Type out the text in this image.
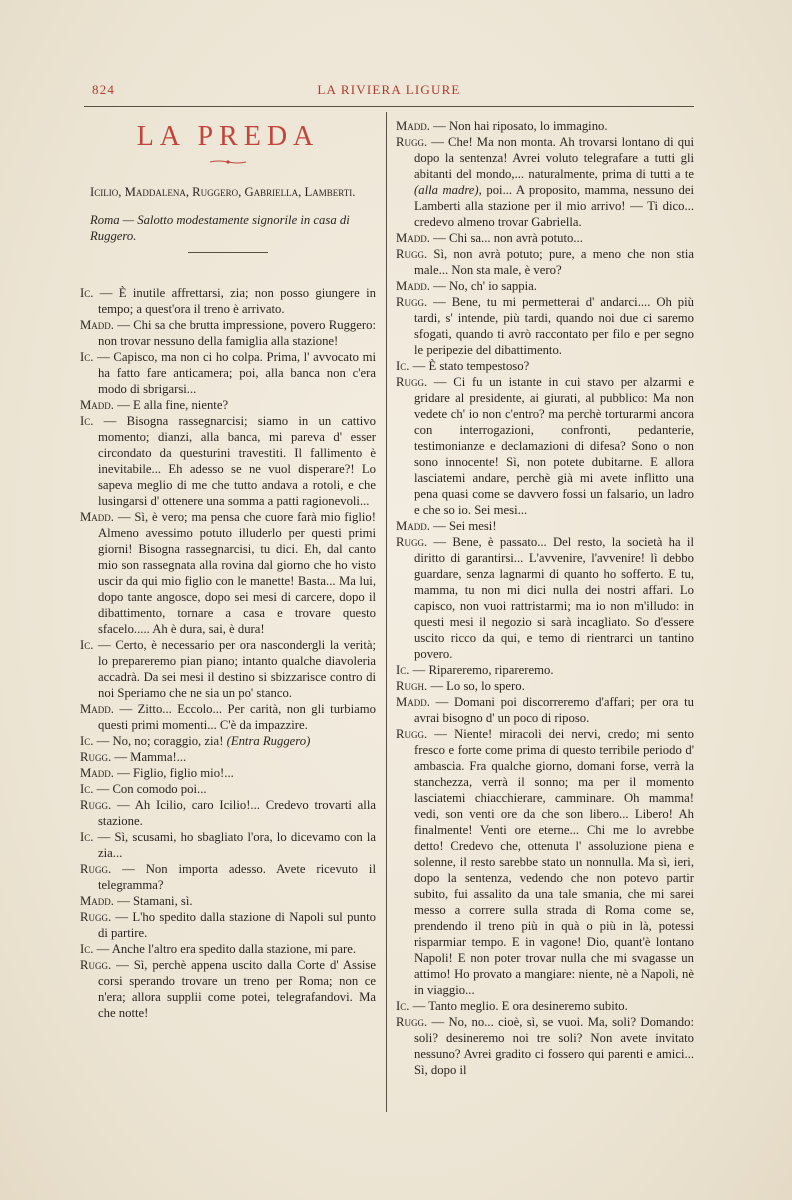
824	LA RIVIERA LIGURE
LA PREDA
Icilio, Maddalena, Ruggero, Gabriella, Lamberti.
Roma — Salotto modestamente signorile in casa di Ruggero.

Ic. — È inutile affrettarsi, zia; non posso giungere in tempo; a quest'ora il treno è arrivato.

Madd. — Chi sa che brutta impressione, povero Ruggero: non trovar nessuno della famiglia alla stazione!

Ic. — Capisco, ma non ci ho colpa. Prima, l' avvocato mi ha fatto fare anticamera; poi, alla banca non c'era modo di sbrigarsi...

Madd. — E alla fine, niente?

Ic. — Bisogna rassegnarcisi; siamo in un cattivo momento; dianzi, alla banca, mi pareva d' esser circondato da questurini travestiti. Il fallimento è inevitabile... Eh adesso se ne vuol disperare?! Lo sapeva meglio di me che tutto andava a rotoli, e che lusingarsi d' ottenere una somma a patti ragionevoli...

Madd. — Sì, è vero; ma pensa che cuore farà mio figlio! Almeno avessimo potuto illuderlo per questi primi giorni! Bisogna rassegnarcisi, tu dici. Eh, dal canto mio son rassegnata alla rovina dal giorno che ho visto uscir da qui mio figlio con le manette! Basta... Ma lui, dopo tante angosce, dopo sei mesi di carcere, dopo il dibattimento, tornare a casa e trovare questo sfacelo..... Ah è dura, sai, è dura!

Ic. — Certo, è necessario per ora nascondergli la verità; lo prepareremo pian piano; intanto qualche diavoleria accadrà. Da sei mesi il destino si sbizzarisce contro di noi Speriamo che ne sia un po' stanco.

Madd. — Zitto... Eccolo... Per carità, non gli turbiamo questi primi momenti... C'è da impazzire.

Ic. — No, no; coraggio, zia! (Entra Ruggero)

Rugg. — Mamma!...

Madd. — Figlio, figlio mio!...

Ic. — Con comodo poi...

Rugg. — Ah Icilio, caro Icilio!... Credevo trovarti alla stazione.

Ic. — Sì, scusami, ho sbagliato l'ora, lo dicevamo con la zia...

Rugg. — Non importa adesso. Avete ricevuto il telegramma?

Madd. — Stamani, sì.

Rugg. — L'ho spedito dalla stazione di Napoli sul punto di partire.

Ic. — Anche l'altro era spedito dalla stazione, mi pare.

Rugg. — Sì, perchè appena uscito dalla Corte d' Assise corsi sperando trovare un treno per Roma; non ce n'era; allora supplii come potei, telegrafandovi. Ma che notte!

Madd. — Non hai riposato, lo immagino.

Rugg. — Che! Ma non monta. Ah trovarsi lontano di qui dopo la sentenza! Avrei voluto telegrafare a tutti gli abitanti del mondo,... naturalmente, prima di tutti a te (alla madre), poi... A proposito, mamma, nessuno dei Lamberti alla stazione per il mio arrivo! — Ti dico... credevo almeno trovar Gabriella.

Madd. — Chi sa... non avrà potuto...

Rugg. Sì, non avrà potuto; pure, a meno che non stia male... Non sta male, è vero?

Madd. — No, ch' io sappia.

Rugg. — Bene, tu mi permetterai d' andarci.... Oh più tardi, s' intende, più tardi, quando noi due ci saremo sfogati, quando ti avrò raccontato per filo e per segno le peripezie del dibattimento.

Ic. — È stato tempestoso?

Rugg. — Ci fu un istante in cui stavo per alzarmi e gridare al presidente, ai giurati, al pubblico: Ma non vedete ch' io non c'entro? ma perchè torturarmi ancora con interrogazioni, confronti, pedanterie, testimonianze e declamazioni di difesa? Sono o non sono innocente! Sì, non potete dubitarne. E allora lasciatemi andare, perchè già mi avete inflitto una pena quasi come se davvero fossi un falsario, un ladro e che so io. Sei mesi...

Madd. — Sei mesi!

Rugg. — Bene, è passato... Del resto, la società ha il diritto di garantirsi... L'avvenire, l'avvenire! lì debbo guardare, senza lagnarmi di quanto ho sofferto. E tu, mamma, tu non mi dici nulla dei nostri affari. Lo capisco, non vuoi rattristarmi; ma io non m'illudo: in questi mesi il negozio si sarà incagliato. So d'essere uscito ricco da qui, e temo di rientrarci un tantino povero.

Ic. — Ripareremo, ripareremo.

Rugh. — Lo so, lo spero.

Madd. — Domani poi discorreremo d'affari; per ora tu avrai bisogno d' un poco di riposo.

Rugg. — Niente! miracoli dei nervi, credo; mi sento fresco e forte come prima di questo terribile periodo d' ambascia. Fra qualche giorno, domani forse, verrà la stanchezza, verrà il sonno; ma per il momento lasciatemi chiacchierare, camminare. Oh mamma! vedi, son venti ore da che son libero... Libero! Ah finalmente! Venti ore eterne... Chi me lo avrebbe detto! Credevo che, ottenuta l' assoluzione piena e solenne, il resto sarebbe stato un nonnulla. Ma sì, ieri, dopo la sentenza, vedendo che non potevo partir subito, fui assalito da una tale smania, che mi sarei messo a correre sulla strada di Roma come se, prendendo il treno più in quà o più in là, potessi risparmiar tempo. E in vagone! Dio, quant'è lontano Napoli! E non poter trovar nulla che mi svagasse un attimo! Ho provato a mangiare: niente, nè a Napoli, nè in viaggio...

Ic. — Tanto meglio. E ora desineremo subito.

Rugg. — No, no... cioè, sì, se vuoi. Ma, soli? Domando: soli? desineremo noi tre soli? Non avete invitato nessuno? Avrei gradito ci fossero qui parenti e amici... Sì, dopo il
